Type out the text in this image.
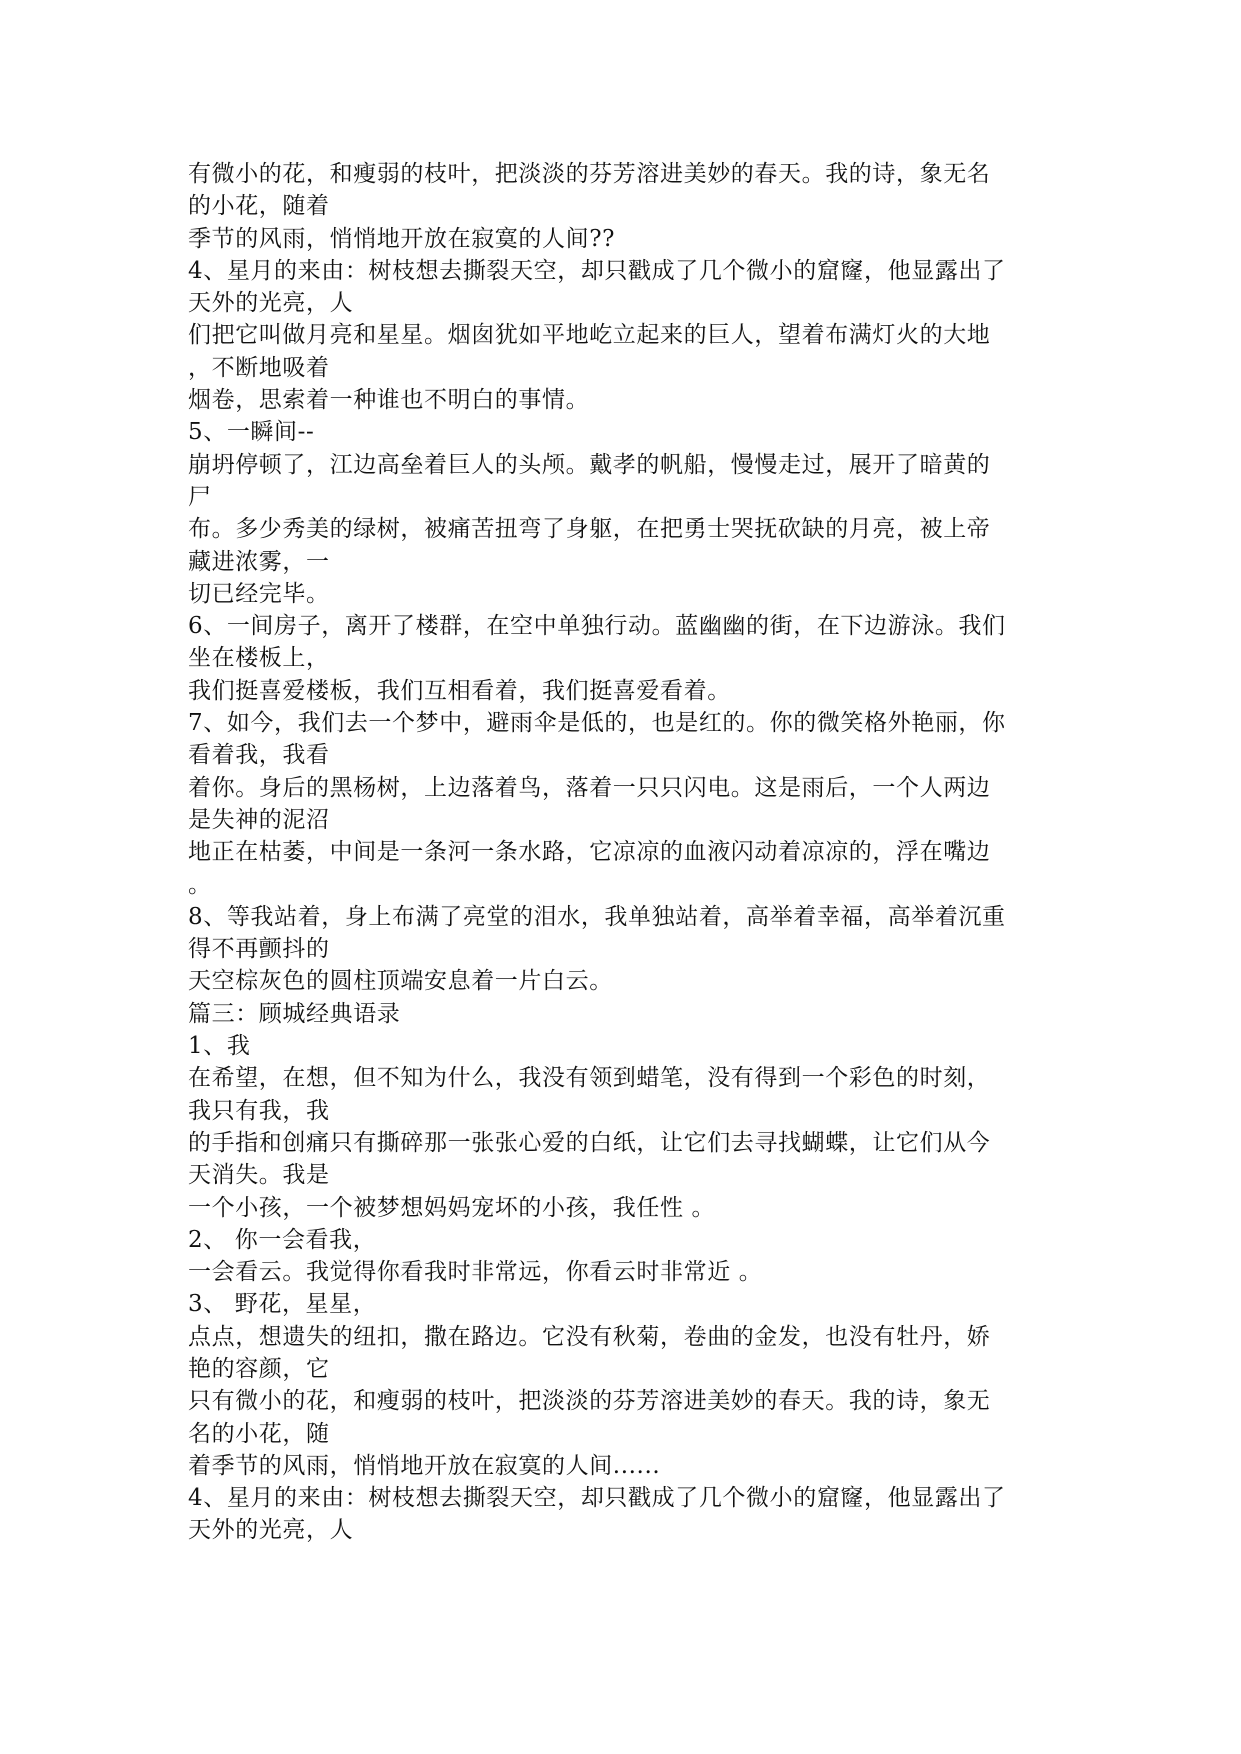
有微小的花，和瘦弱的枝叶，把淡淡的芬芳溶进美妙的春天。我的诗，象无名
的小花，随着
季节的风雨，悄悄地开放在寂寞的人间??
4、星月的来由：树枝想去撕裂天空，却只戳成了几个微小的窟窿，他显露出了
天外的光亮，人
们把它叫做月亮和星星。烟囱犹如平地屹立起来的巨人，望着布满灯火的大地
，不断地吸着
烟卷，思索着一种谁也不明白的事情。
5、一瞬间--
崩坍停顿了，江边高垒着巨人的头颅。戴孝的帆船，慢慢走过，展开了暗黄的
尸
布。多少秀美的绿树，被痛苦扭弯了身躯，在把勇士哭抚砍缺的月亮，被上帝
藏进浓雾，一
切已经完毕。
6、一间房子，离开了楼群，在空中单独行动。蓝幽幽的街，在下边游泳。我们
坐在楼板上，
我们挺喜爱楼板，我们互相看着，我们挺喜爱看着。
7、如今，我们去一个梦中，避雨伞是低的，也是红的。你的微笑格外艳丽，你
看着我，我看
着你。身后的黑杨树，上边落着鸟，落着一只只闪电。这是雨后，一个人两边
是失神的泥沼
地正在枯萎，中间是一条河一条水路，它凉凉的血液闪动着凉凉的，浮在嘴边
。
8、等我站着，身上布满了亮堂的泪水，我单独站着，高举着幸福，高举着沉重
得不再颤抖的
天空棕灰色的圆柱顶端安息着一片白云。
篇三：顾城经典语录
1、我
在希望，在想，但不知为什么，我没有领到蜡笔，没有得到一个彩色的时刻，
我只有我，我
的手指和创痛只有撕碎那一张张心爱的白纸，让它们去寻找蝴蝶，让它们从今
天消失。我是
一个小孩，一个被梦想妈妈宠坏的小孩，我任性 。
2、 你一会看我，
一会看云。我觉得你看我时非常远，你看云时非常近 。
3、 野花，星星，
点点，想遗失的纽扣，撒在路边。它没有秋菊，卷曲的金发，也没有牡丹，娇
艳的容颜，它
只有微小的花，和瘦弱的枝叶，把淡淡的芬芳溶进美妙的春天。我的诗，象无
名的小花，随
着季节的风雨，悄悄地开放在寂寞的人间......
4、星月的来由：树枝想去撕裂天空，却只戳成了几个微小的窟窿，他显露出了
天外的光亮，人
